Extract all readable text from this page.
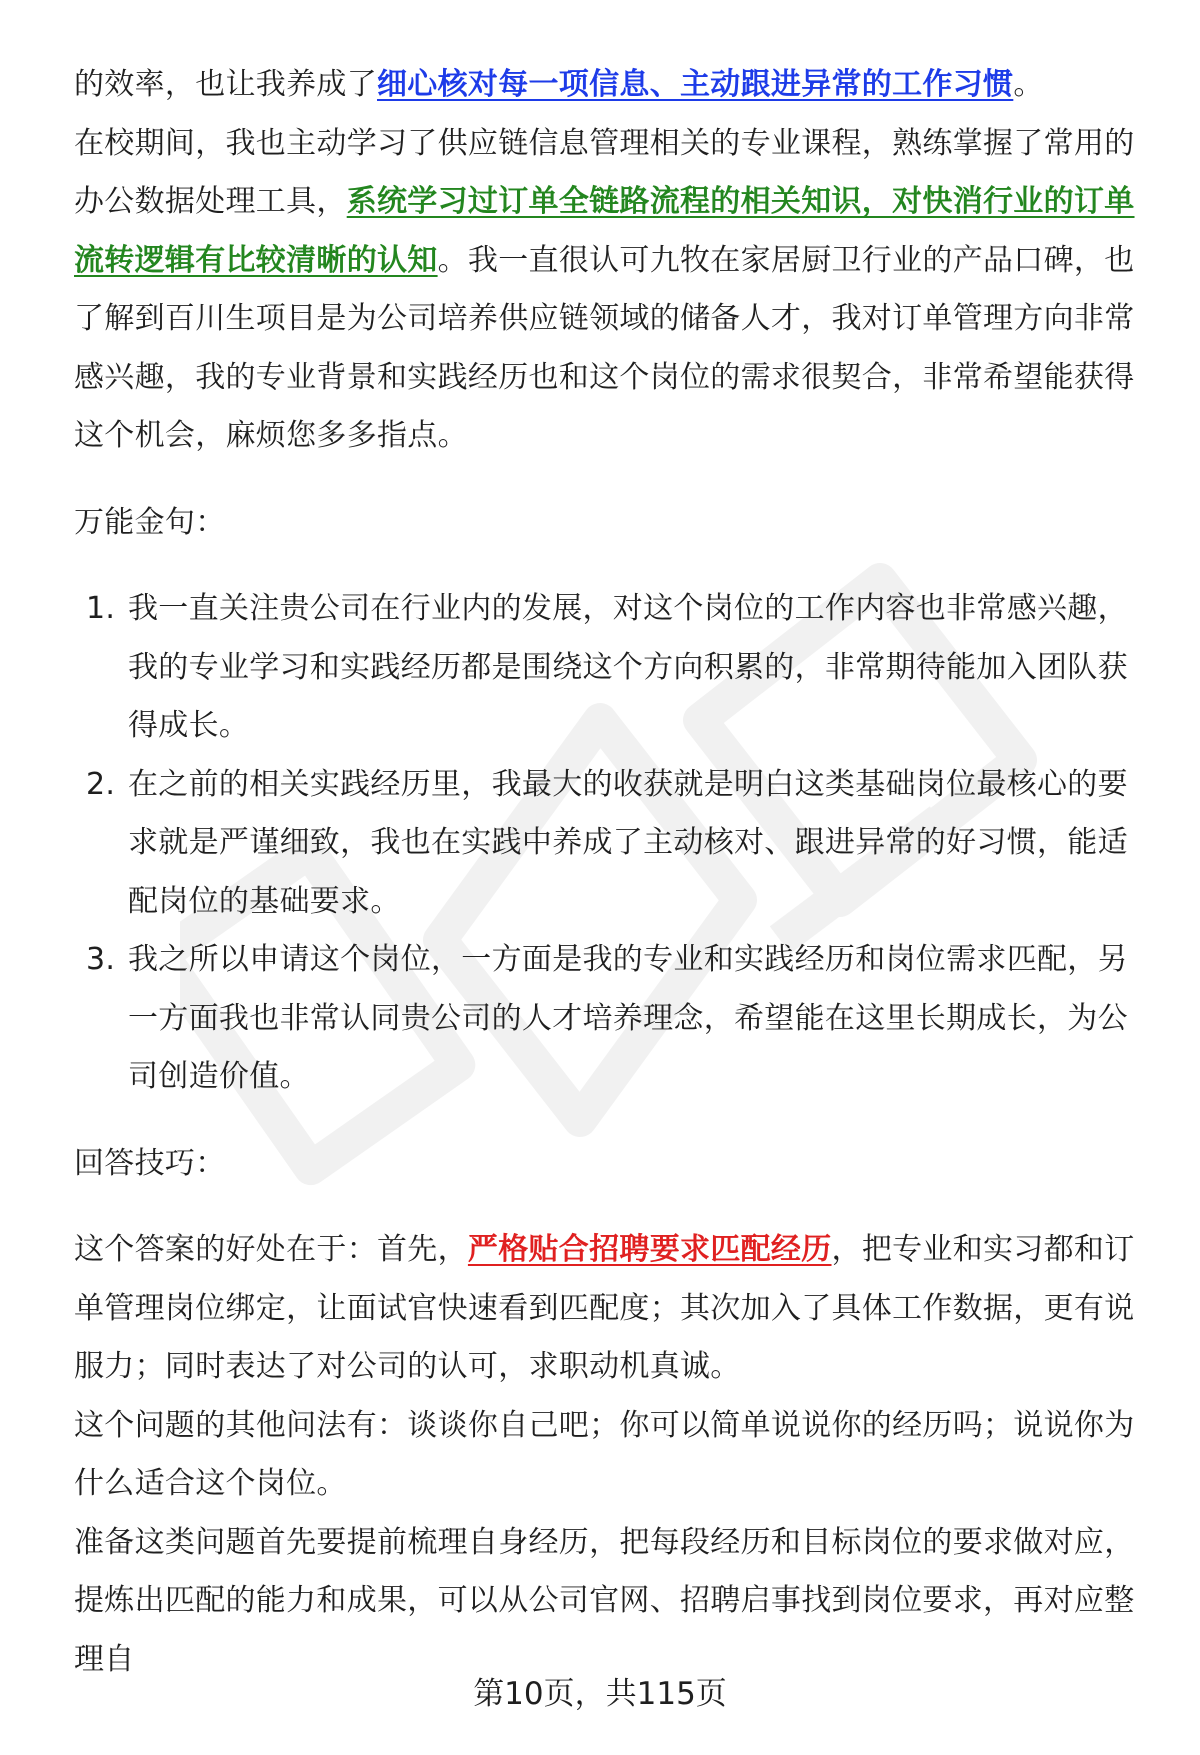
的效率，也让我养成了细心核对每一项信息、主动跟进异常的工作习惯。

在校期间，我也主动学习了供应链信息管理相关的专业课程，熟练掌握了常用的办公数据处理工具，系统学习过订单全链路流程的相关知识，对快消行业的订单流转逻辑有比较清晰的认知。我一直很认可九牧在家居厨卫行业的产品口碑，也了解到百川生项目是为公司培养供应链领域的储备人才，我对订单管理方向非常感兴趣，我的专业背景和实践经历也和这个岗位的需求很契合，非常希望能获得这个机会，麻烦您多多指点。

万能金句：

1. 我一直关注贵公司在行业内的发展，对这个岗位的工作内容也非常感兴趣，我的专业学习和实践经历都是围绕这个方向积累的，非常期待能加入团队获得成长。
2. 在之前的相关实践经历里，我最大的收获就是明白这类基础岗位最核心的要求就是严谨细致，我也在实践中养成了主动核对、跟进异常的好习惯，能适配岗位的基础要求。
3. 我之所以申请这个岗位，一方面是我的专业和实践经历和岗位需求匹配，另一方面我也非常认同贵公司的人才培养理念，希望能在这里长期成长，为公司创造价值。

回答技巧：

这个答案的好处在于：首先，严格贴合招聘要求匹配经历，把专业和实习都和订单管理岗位绑定，让面试官快速看到匹配度；其次加入了具体工作数据，更有说服力；同时表达了对公司的认可，求职动机真诚。

这个问题的其他问法有：谈谈你自己吧；你可以简单说说你的经历吗；说说你为什么适合这个岗位。

准备这类问题首先要提前梳理自身经历，把每段经历和目标岗位的要求做对应，提炼出匹配的能力和成果，可以从公司官网、招聘启事找到岗位要求，再对应整理自

第10页，共115页
